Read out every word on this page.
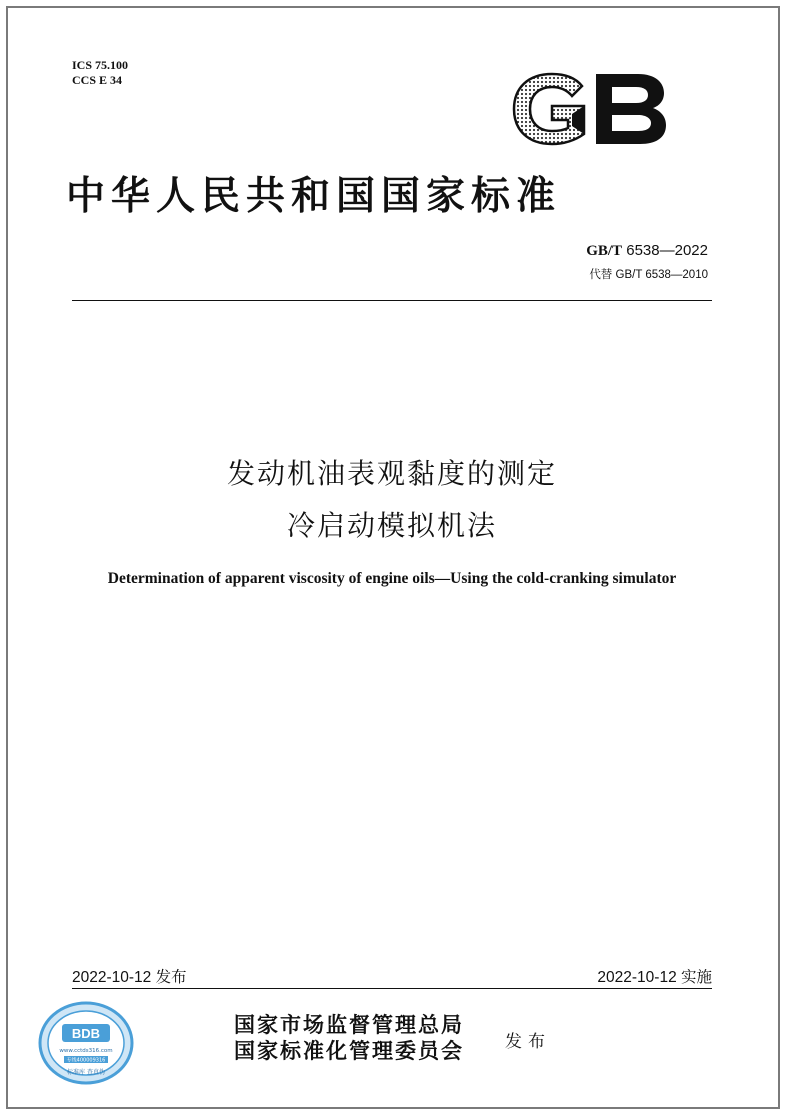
ICS 75.100
CCS E 34
中华人民共和国国家标准
GB/T 6538—2022
代替 GB/T 6538—2010
发动机油表观黏度的测定
冷启动模拟机法
Determination of apparent viscosity of engine oils—Using the cold-cranking simulator
2022-10-12 发布	2022-10-12 实施
BDB
www.cctds316.com
专线400009316
标准库 查真伪
国家市场监督管理总局
国家标准化管理委员会 发布
